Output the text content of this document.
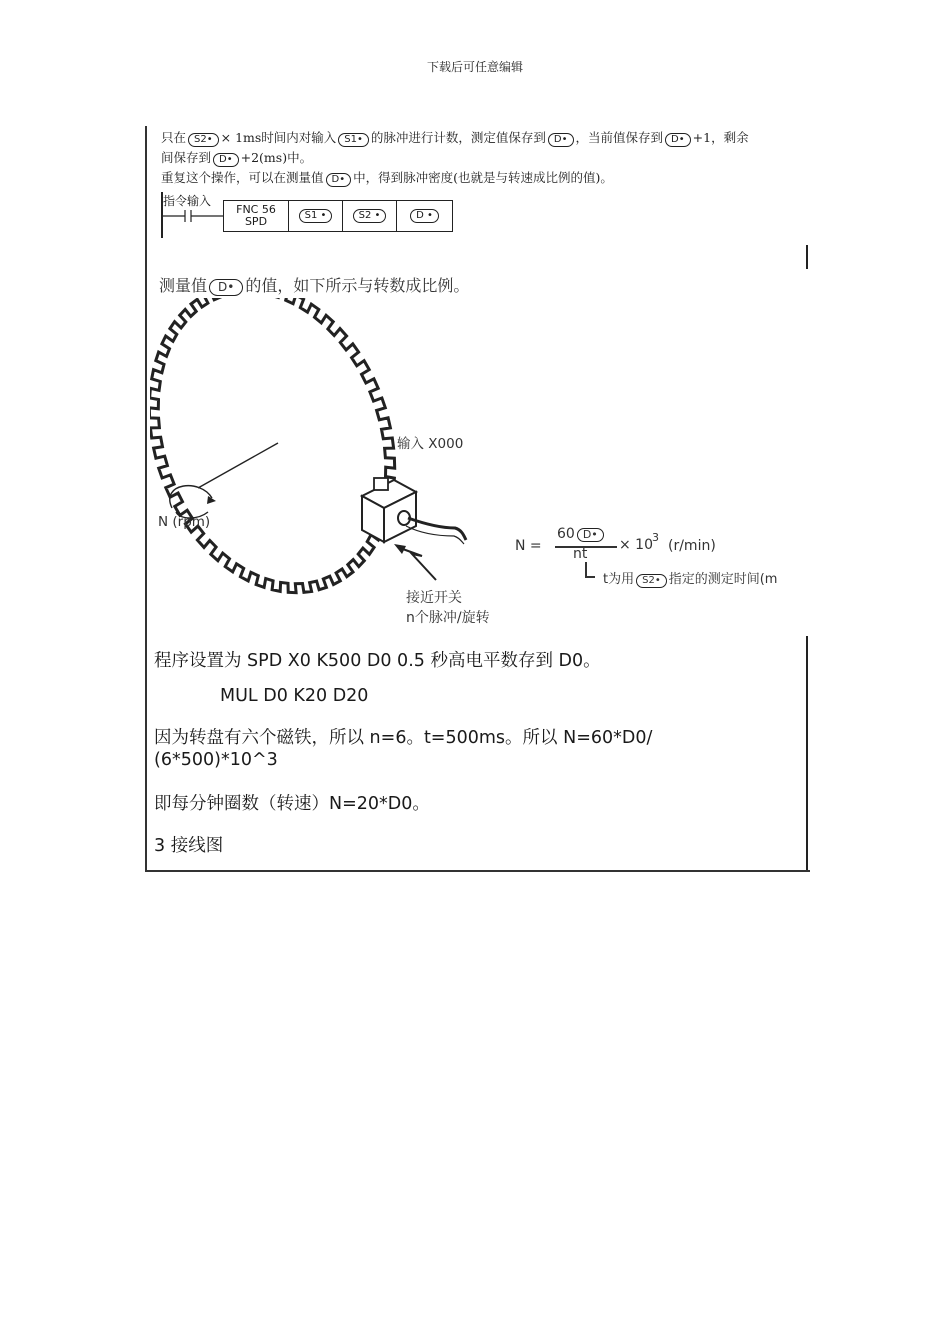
下载后可任意编辑
只在 S2• × 1ms时间内对输入 S1• 的脉冲进行计数，测定值保存到 D• ，当前值保存到 D• +1，剩余
间保存到 D• +2(ms)中。
重复这个操作，可以在测量值 D• 中，得到脉冲密度(也就是与转速成比例的值)。
指令输入
FNC 56
SPD	S1 •	S2 •	D •
测量值 D• 的值，如下所示与转数成比例。
输入 X000
N (rpm)
接近开关
n个脉冲/旋转
N =
60 D•
nt
× 10 3
(r/min)
t为用 S2• 指定的测定时间(m
程序设置为 SPD X0 K500 D0 0.5 秒高电平数存到 D0。
MUL D0 K20 D20
因为转盘有六个磁铁，所以 n=6。t=500ms。所以 N=60*D0/
(6*500)*10^3
即每分钟圈数（转速）N=20*D0。
3 接线图
